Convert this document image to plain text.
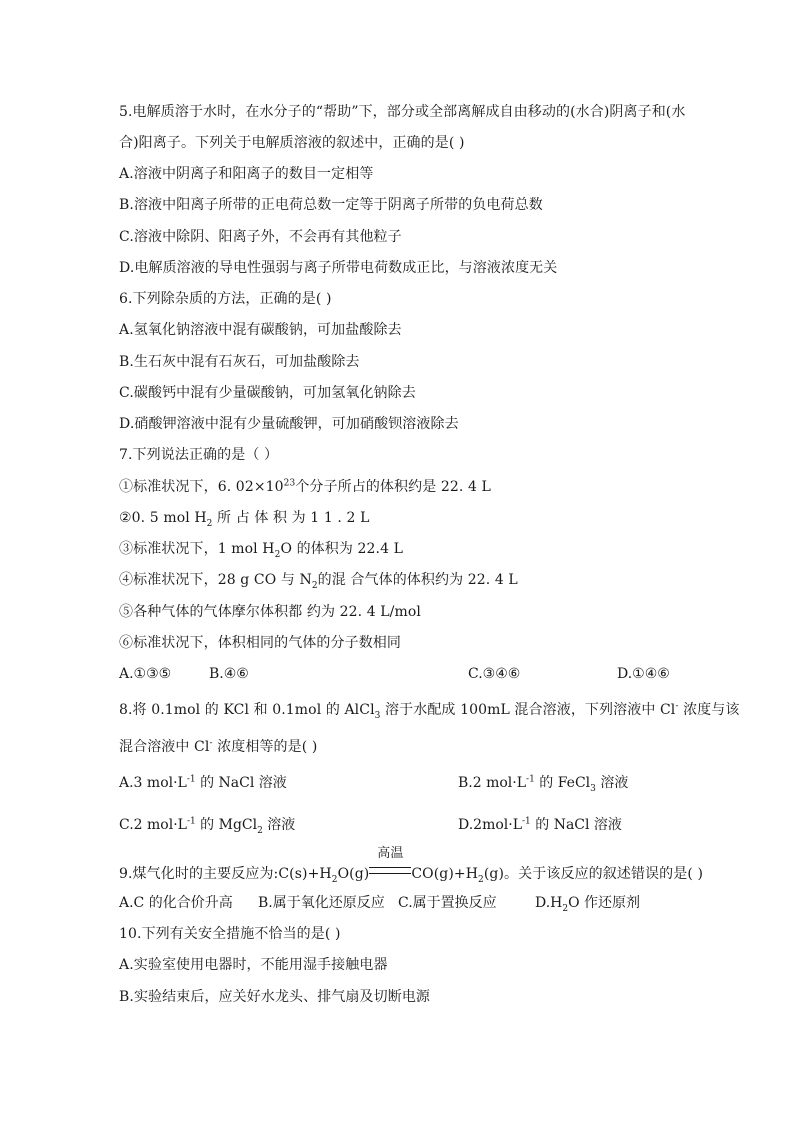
5.电解质溶于水时，在水分子的“帮助”下，部分或全部离解成自由移动的(水合)阴离子和(水
合)阳离子。下列关于电解质溶液的叙述中，正确的是( )
A.溶液中阴离子和阳离子的数目一定相等
B.溶液中阳离子所带的正电荷总数一定等于阴离子所带的负电荷总数
C.溶液中除阴、阳离子外，不会再有其他粒子
D.电解质溶液的导电性强弱与离子所带电荷数成正比，与溶液浓度无关
6.下列除杂质的方法，正确的是( )
A.氢氧化钠溶液中混有碳酸钠，可加盐酸除去
B.生石灰中混有石灰石，可加盐酸除去
C.碳酸钙中混有少量碳酸钠，可加氢氧化钠除去
D.硝酸钾溶液中混有少量硫酸钾，可加硝酸钡溶液除去
7.下列说法正确的是（ ）
①标准状况下，6. $02\times 10^{23}$个分子所占的体积约是 22. 4 L
②0. 5 mol $H_2$ 所 占 体 积 为 1 1 . 2 L
③标准状况下，1 mol $H_2O$ 的体积为 22.4 L
④标准状况下，28 g CO 与 $N_2$的混 合气体的体积约为 22. 4 L
⑤各种气体的气体摩尔体积都 约为 22. 4 L/mol
⑥标准状况下，体积相同的气体的分子数相同
A.①③⑤	B.④⑥	C.③④⑥	D.①④⑥
8.将 0.1mol 的 KCl 和 0.1mol 的 AlCl$_3$ 溶于水配成 100mL 混合溶液，下列溶液中 Cl- 浓度与该
混合溶液中 Cl- 浓度相等的是( )
A.3 $mol\cdot L^{-1}$ 的 NaCl 溶液	B.2 $mol\cdot L^{-1}$ 的 FeCl$_3$ 溶液
C.2 $mol\cdot L^{-1}$ 的 MgCl$_2$ 溶液	$D.2mol\cdot L^{-1}$ 的 NaCl 溶液
9.煤气化时的主要反应为$:C(s)+H_2O(g)$
高温
$CO(g)+H_2(g)$。关于该反应的叙述错误的是( )
A.C 的化合价升高 B.属于氧化还原反应 C.属于置换反应	$D.H_2O$ 作还原剂
10.下列有关安全措施不恰当的是( )
A.实验室使用电器时，不能用湿手接触电器
B.实验结束后，应关好水龙头、排气扇及切断电源
